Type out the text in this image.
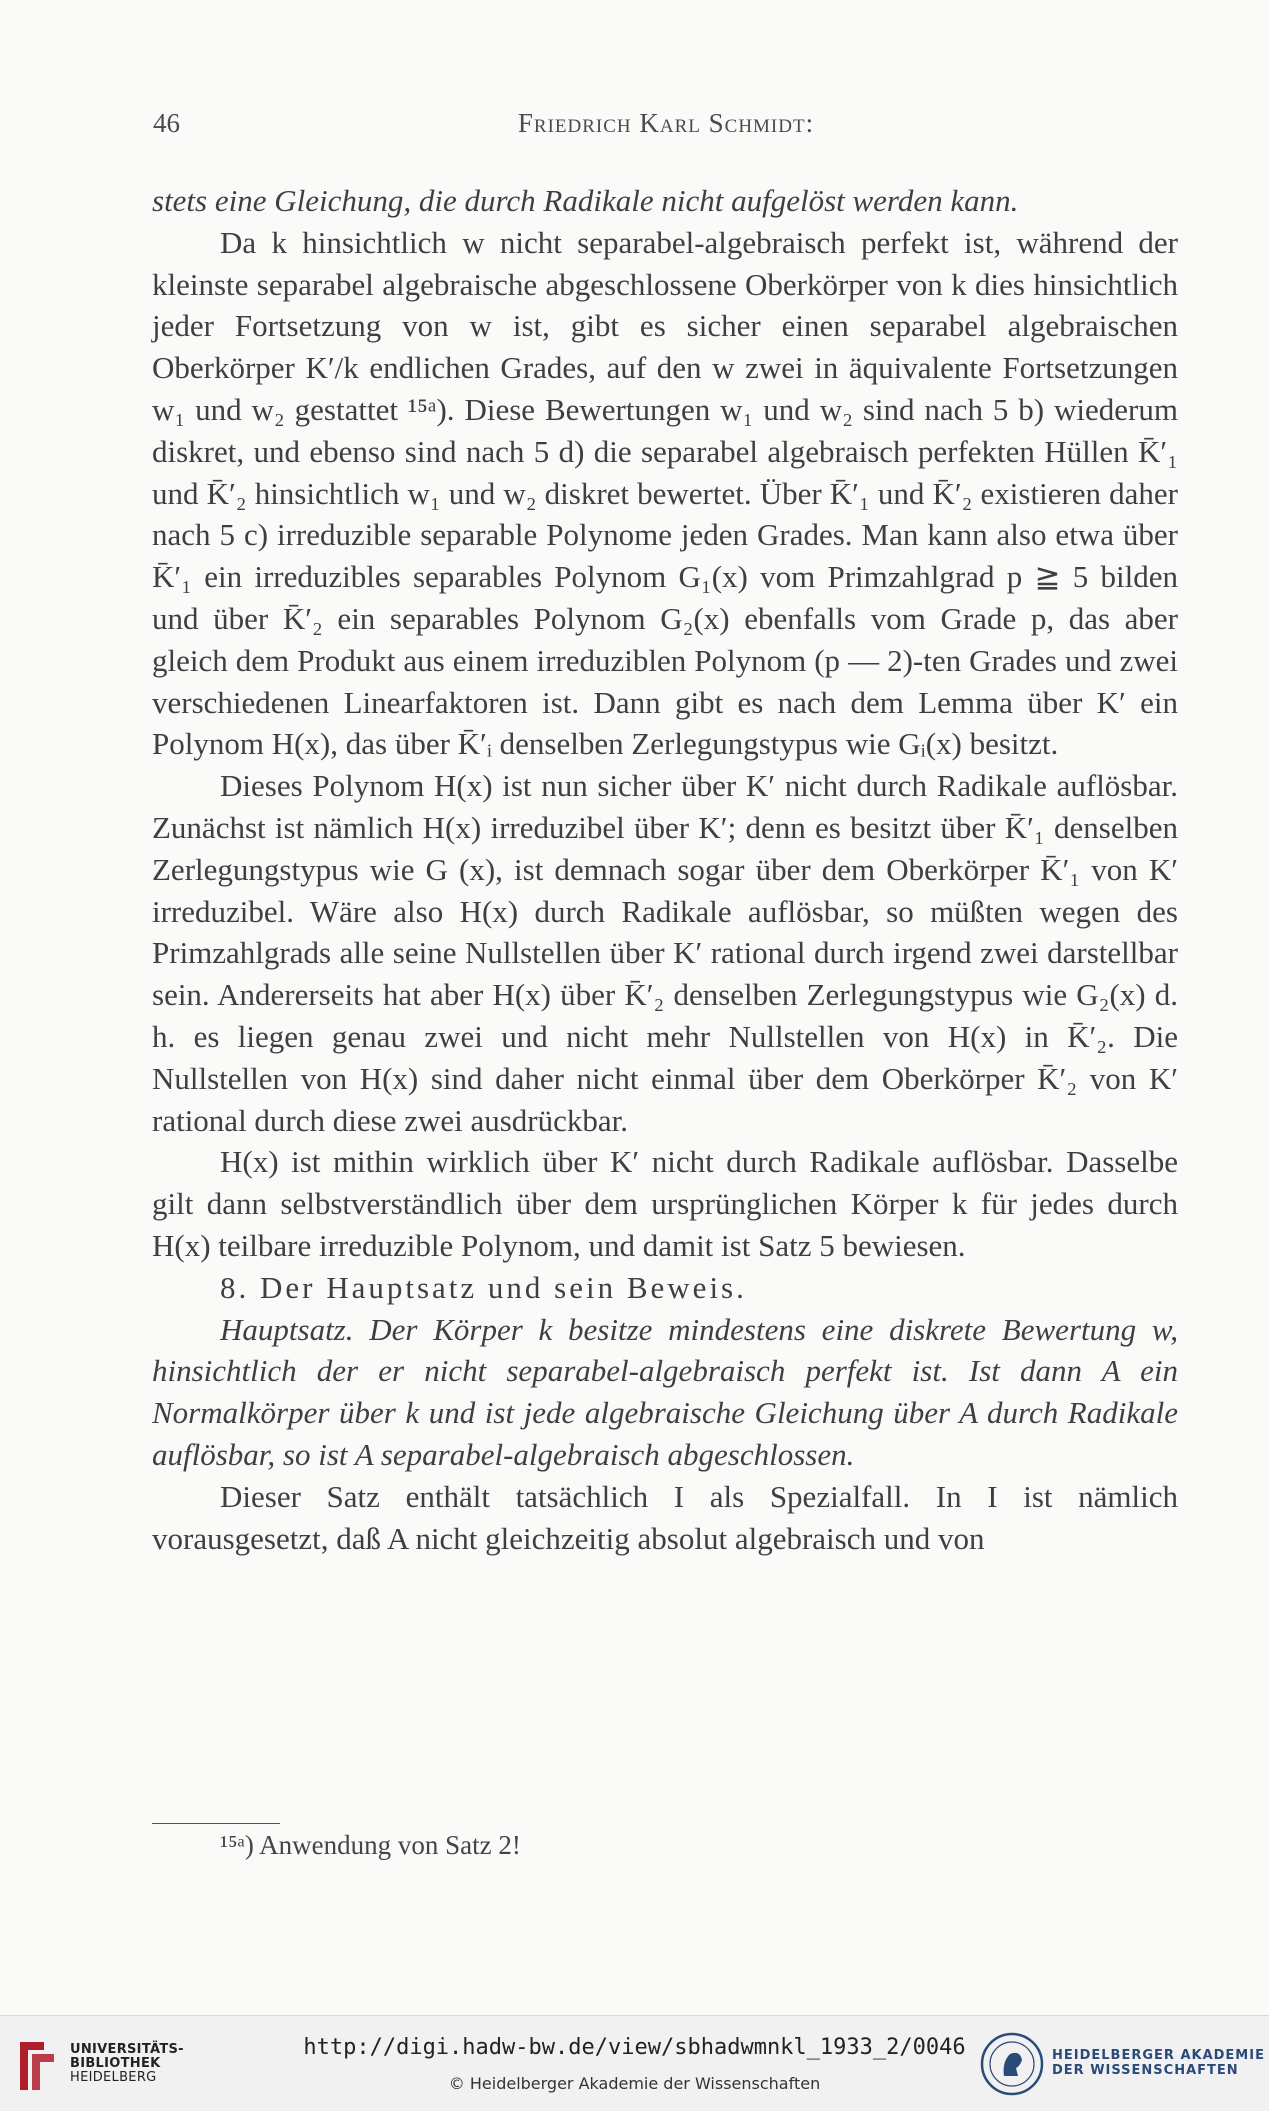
46	Friedrich Karl Schmidt:

stets eine Gleichung, die durch Radikale nicht aufgelöst werden kann.

Da k hinsichtlich w nicht separabel-algebraisch perfekt ist, während der kleinste separabel algebraische abgeschlossene Oberkörper von k dies hinsichtlich jeder Fortsetzung von w ist, gibt es sicher einen separabel algebraischen Oberkörper K′/k endlichen Grades, auf den w zwei in äquivalente Fortsetzungen w₁ und w₂ gestattet ¹⁵ᵃ). Diese Bewertungen w₁ und w₂ sind nach 5 b) wiederum diskret, und ebenso sind nach 5 d) die separabel algebraisch perfekten Hüllen K̄′₁ und K̄′₂ hinsichtlich w₁ und w₂ diskret bewertet. Über K̄′₁ und K̄′₂ existieren daher nach 5 c) irreduzible separable Polynome jeden Grades. Man kann also etwa über K̄′₁ ein irreduzibles separables Polynom G₁(x) vom Primzahlgrad p ≧ 5 bilden und über K̄′₂ ein separables Polynom G₂(x) ebenfalls vom Grade p, das aber gleich dem Produkt aus einem irreduziblen Polynom (p — 2)-ten Grades und zwei verschiedenen Linearfaktoren ist. Dann gibt es nach dem Lemma über K′ ein Polynom H(x), das über K̄′ᵢ denselben Zerlegungstypus wie Gᵢ(x) besitzt.

Dieses Polynom H(x) ist nun sicher über K′ nicht durch Radikale auflösbar. Zunächst ist nämlich H(x) irreduzibel über K′; denn es besitzt über K̄′₁ denselben Zerlegungstypus wie G (x), ist demnach sogar über dem Oberkörper K̄′₁ von K′ irreduzibel. Wäre also H(x) durch Radikale auflösbar, so müßten wegen des Primzahlgrads alle seine Nullstellen über K′ rational durch irgend zwei darstellbar sein. Andererseits hat aber H(x) über K̄′₂ denselben Zerlegungstypus wie G₂(x) d. h. es liegen genau zwei und nicht mehr Nullstellen von H(x) in K̄′₂. Die Nullstellen von H(x) sind daher nicht einmal über dem Oberkörper K̄′₂ von K′ rational durch diese zwei ausdrückbar.

H(x) ist mithin wirklich über K′ nicht durch Radikale auflösbar. Dasselbe gilt dann selbstverständlich über dem ursprünglichen Körper k für jedes durch H(x) teilbare irreduzible Polynom, und damit ist Satz 5 bewiesen.

8. Der Hauptsatz und sein Beweis.

Hauptsatz. Der Körper k besitze mindestens eine diskrete Bewertung w, hinsichtlich der er nicht separabel-algebraisch perfekt ist. Ist dann A ein Normalkörper über k und ist jede algebraische Gleichung über A durch Radikale auflösbar, so ist A separabel-algebraisch abgeschlossen.

Dieser Satz enthält tatsächlich I als Spezialfall. In I ist nämlich vorausgesetzt, daß A nicht gleichzeitig absolut algebraisch und von

¹⁵ᵃ) Anwendung von Satz 2!
UNIVERSITÄTS-
BIBLIOTHEK
HEIDELBERG
http://digi.hadw-bw.de/view/sbhadwmnkl_1933_2/0046
© Heidelberger Akademie der Wissenschaften
HEIDELBERGER AKADEMIE
DER WISSENSCHAFTEN
